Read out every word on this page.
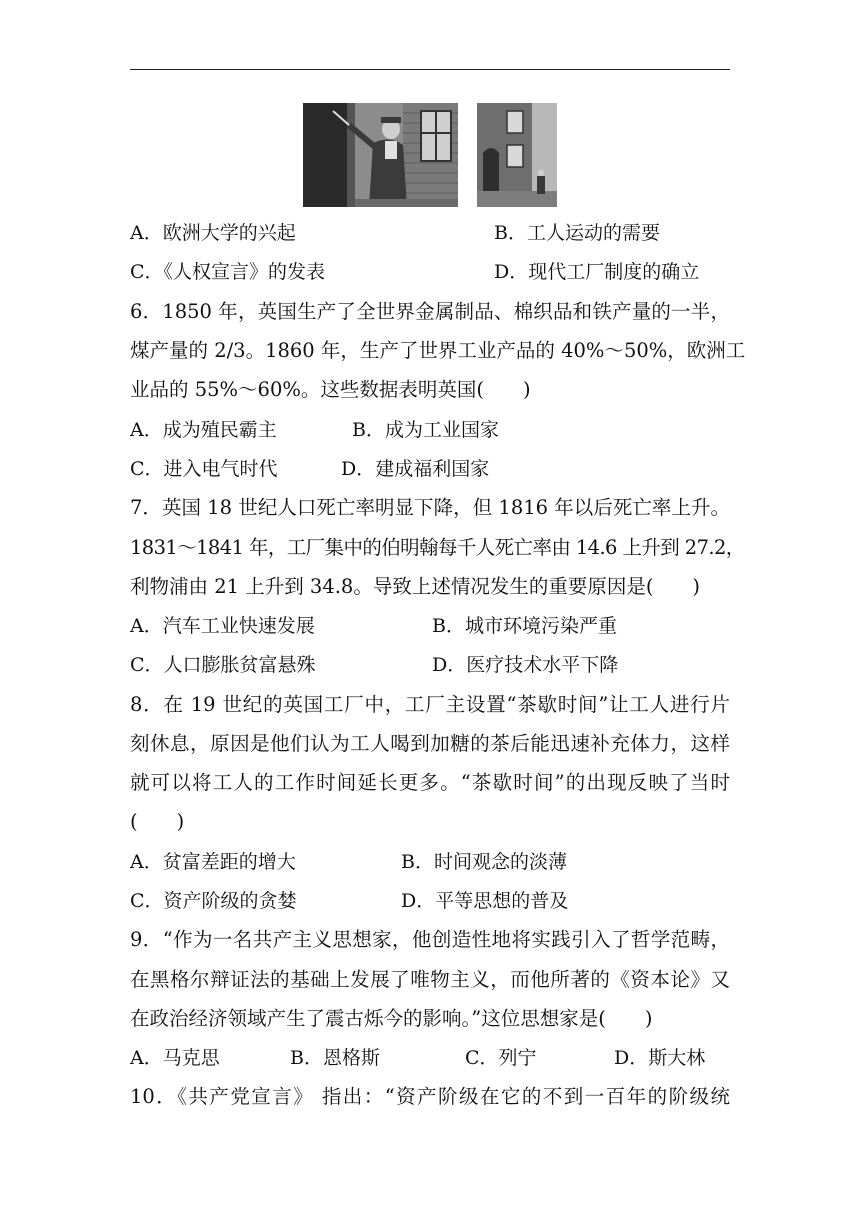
A．欧洲大学的兴起	B．工人运动的需要
C．《人权宣言》的发表	D．现代工厂制度的确立
6．1850 年，英国生产了全世界金属制品、棉织品和铁产量的一半，
煤产量的 2/3。1860 年，生产了世界工业产品的 40%～50%，欧洲工
业品的 55%～60%。这些数据表明英国(　　)
A．成为殖民霸主	B．成为工业国家
C．进入电气时代	D．建成福利国家
7．英国 18 世纪人口死亡率明显下降，但 1816 年以后死亡率上升。
1831～1841 年，工厂集中的伯明翰每千人死亡率由 14.6 上升到 27.2，
利物浦由 21 上升到 34.8。导致上述情况发生的重要原因是(　　)
A．汽车工业快速发展	B．城市环境污染严重
C．人口膨胀贫富悬殊	D．医疗技术水平下降
8．在 19 世纪的英国工厂中，工厂主设置“茶歇时间”让工人进行片
刻休息，原因是他们认为工人喝到加糖的茶后能迅速补充体力，这样
就可以将工人的工作时间延长更多。“茶歇时间”的出现反映了当时
(　　)
A．贫富差距的增大	B．时间观念的淡薄
C．资产阶级的贪婪	D．平等思想的普及
9．“作为一名共产主义思想家，他创造性地将实践引入了哲学范畴，
在黑格尔辩证法的基础上发展了唯物主义，而他所著的《资本论》又
在政治经济领域产生了震古烁今的影响。”这位思想家是(　　)
A．马克思	B．恩格斯	C．列宁	D．斯大林
10．《共产党宣言》 指出：“资产阶级在它的不到一百年的阶级统
